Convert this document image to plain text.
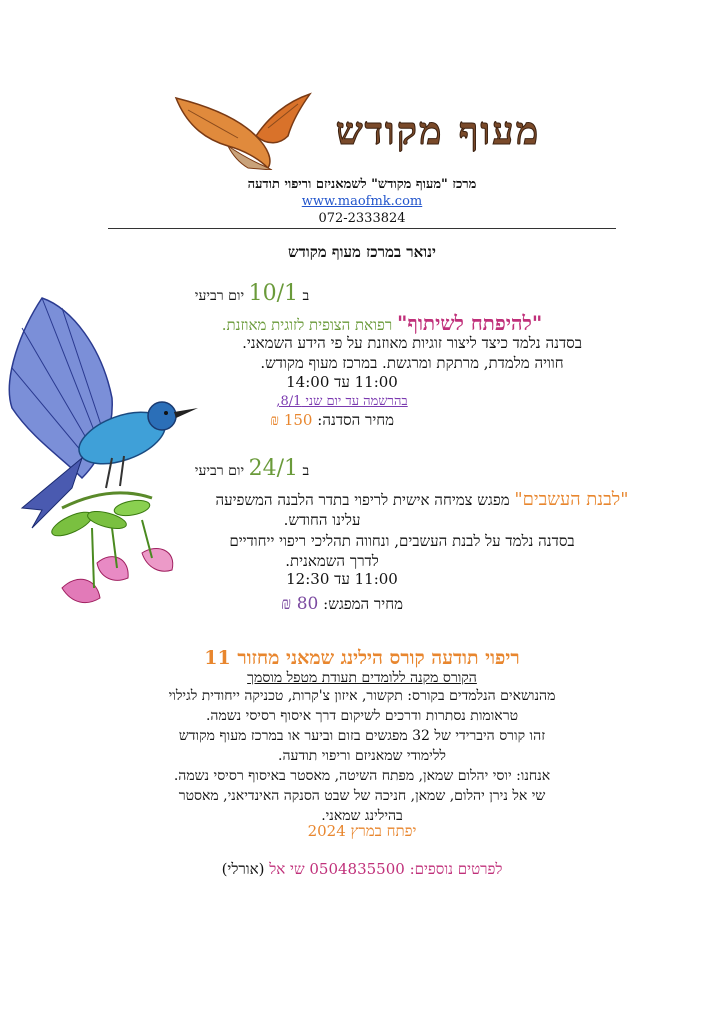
מעוף מקודש
מרכז "מעוף מקודש" לשמאניזם וריפוי תודעה
www.maofmk.com
072-2333824
ינואר במרכז מעוף מקודש
ב 10/1 יום רביעי
"להיפתח לשיתוף" רפואת הצופית לזוגית מאוזנת.
בסדנה נלמד כיצד ליצור זוגיות מאוזנת על פי הידע השמאני.
חוויה מלמדת, מרתקת ומרגשת. במרכז מעוף מקודש.
11:00 עד 14:00
בהרשמה עד יום שני 8/1,
מחיר הסדנה: 150 ₪
ב 24/1 יום רביעי
"לבנת העשבים" מפגש צמיחה אישית לריפוי בתדר הלבנה המשפיעה
עלינו החודש.
בסדנה נלמד על לבנת העשבים, ונחווה תהליכי ריפוי ייחודיים
לדרך השמאנית.
11:00 עד 12:30
מחיר המפגש: 80 ₪
ריפוי תודעה קורס הילינג שמאני מחזור 11
הקורס מקנה ללומדים תעודת מטפל מוסמך
מהנושאים הנלמדים בקורס: תקשור, איזון צ'קרות, טכניקה ייחודית לגילוי
טראומות נסתרות ודרכים לשיקום דרך איסוף רסיסי נשמה.
זהו קורס היברידי של 32 מפגשים בזום וביער או במרכז מעוף מקודש
ללימודי שמאניזם וריפוי תודעה.
אנחנו: יוסי יהלום שמאן, מפתח השיטה, מאסטר באיסוף רסיסי נשמה.
שי אל נירן יהלום, שמאן, חניכה של שבט הסנקה האינדיאני, מאסטר
בהילינג שמאני.
יפתח במרץ 2024
לפרטים נוספים: 0504835500 שי אל (אורלי)
